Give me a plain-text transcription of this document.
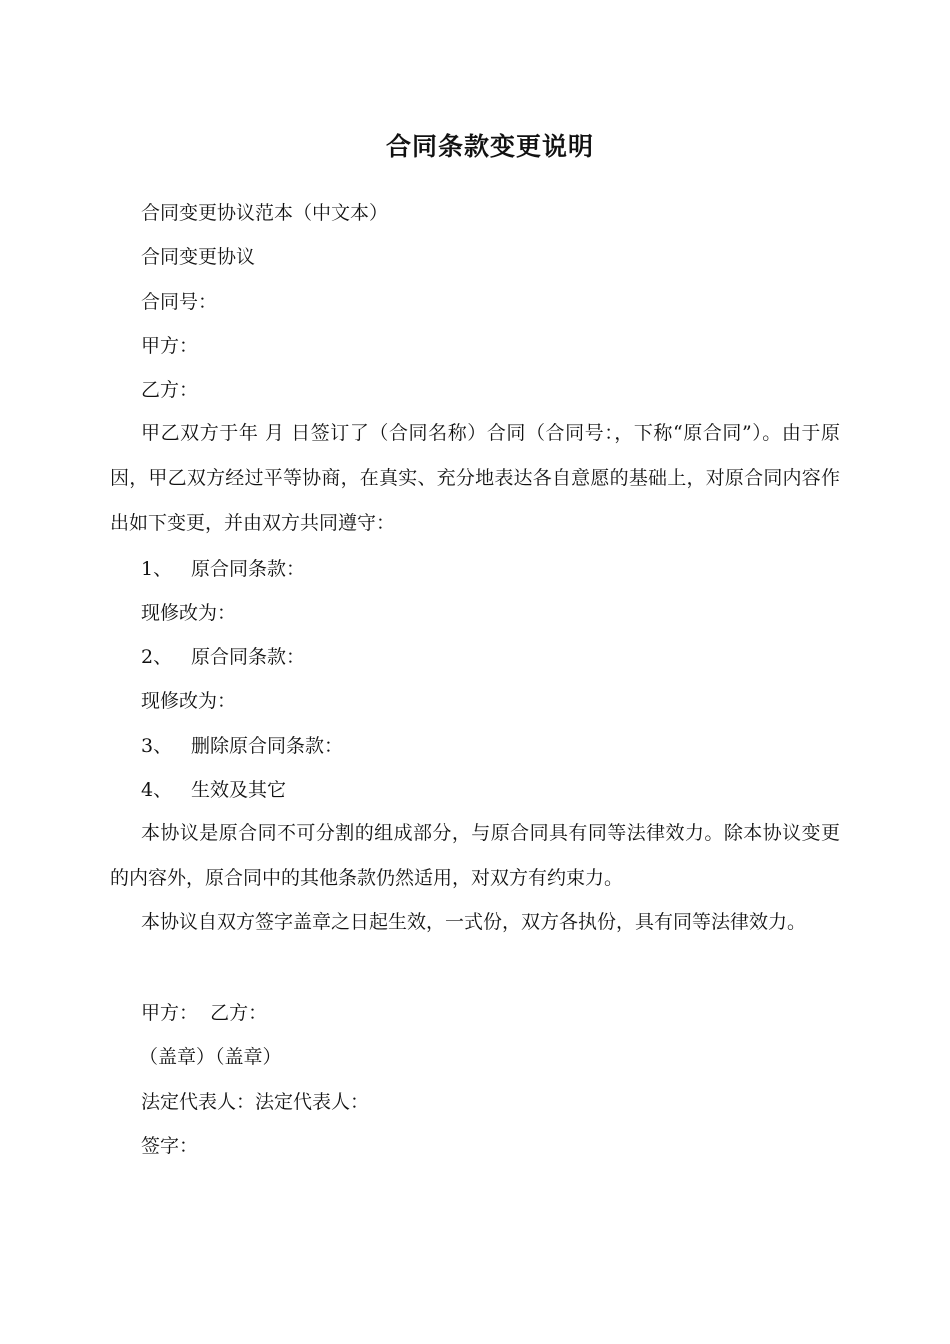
合同条款变更说明
合同变更协议范本（中文本）
合同变更协议
合同号：
甲方：
乙方：
甲乙双方于年 月 日签订了（合同名称）合同（合同号：，下称“原合同”）。由于原因，甲乙双方经过平等协商，在真实、充分地表达各自意愿的基础上，对原合同内容作出如下变更，并由双方共同遵守：
1、 原合同条款：
现修改为：
2、 原合同条款：
现修改为：
3、 删除原合同条款：
4、 生效及其它
本协议是原合同不可分割的组成部分，与原合同具有同等法律效力。除本协议变更的内容外，原合同中的其他条款仍然适用，对双方有约束力。
本协议自双方签字盖章之日起生效，一式份，双方各执份，具有同等法律效力。
甲方：  乙方：
（盖章）（盖章）
法定代表人：法定代表人：
签字：
